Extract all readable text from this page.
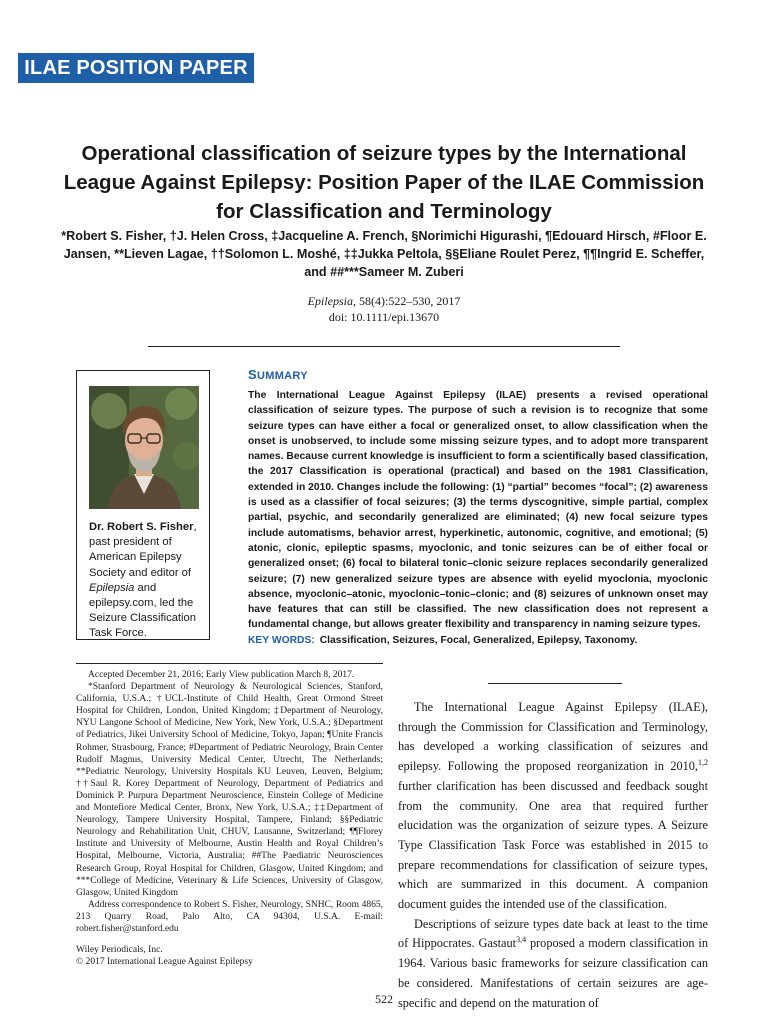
ILAE POSITION PAPER
Operational classification of seizure types by the International League Against Epilepsy: Position Paper of the ILAE Commission for Classification and Terminology
*Robert S. Fisher, †J. Helen Cross, ‡Jacqueline A. French, §Norimichi Higurashi, ¶Edouard Hirsch, #Floor E. Jansen, **Lieven Lagae, ††Solomon L. Moshé, ‡‡Jukka Peltola, §§Eliane Roulet Perez, ¶¶Ingrid E. Scheffer, and ##***Sameer M. Zuberi
Epilepsia, 58(4):522–530, 2017
doi: 10.1111/epi.13670
Dr. Robert S. Fisher, past president of American Epilepsy Society and editor of Epilepsia and epilepsy.com, led the Seizure Classification Task Force.
SUMMARY
The International League Against Epilepsy (ILAE) presents a revised operational classification of seizure types. The purpose of such a revision is to recognize that some seizure types can have either a focal or generalized onset, to allow classification when the onset is unobserved, to include some missing seizure types, and to adopt more transparent names. Because current knowledge is insufficient to form a scientifically based classification, the 2017 Classification is operational (practical) and based on the 1981 Classification, extended in 2010. Changes include the following: (1) “partial” becomes “focal”; (2) awareness is used as a classifier of focal seizures; (3) the terms dyscognitive, simple partial, complex partial, psychic, and secondarily generalized are eliminated; (4) new focal seizure types include automatisms, behavior arrest, hyperkinetic, autonomic, cognitive, and emotional; (5) atonic, clonic, epileptic spasms, myoclonic, and tonic seizures can be of either focal or generalized onset; (6) focal to bilateral tonic–clonic seizure replaces secondarily generalized seizure; (7) new generalized seizure types are absence with eyelid myoclonia, myoclonic absence, myoclonic–atonic, myoclonic–tonic–clonic; and (8) seizures of unknown onset may have features that can still be classified. The new classification does not represent a fundamental change, but allows greater flexibility and transparency in naming seizure types.
KEY WORDS: Classification, Seizures, Focal, Generalized, Epilepsy, Taxonomy.

Accepted December 21, 2016; Early View publication March 8, 2017.

*Stanford Department of Neurology & Neurological Sciences, Stanford, California, U.S.A.; †UCL-Institute of Child Health, Great Ormond Street Hospital for Children, London, United Kingdom; ‡Department of Neurology, NYU Langone School of Medicine, New York, New York, U.S.A.; §Department of Pediatrics, Jikei University School of Medicine, Tokyo, Japan; ¶Unite Francis Rohmer, Strasbourg, France; #Department of Pediatric Neurology, Brain Center Rudolf Magnus, University Medical Center, Utrecht, The Netherlands; **Pediatric Neurology, University Hospitals KU Leuven, Leuven, Belgium; ††Saul R. Korey Department of Neurology, Department of Pediatrics and Dominick P. Purpura Department Neuroscience, Einstein College of Medicine and Montefiore Medical Center, Bronx, New York, U.S.A.; ‡‡Department of Neurology, Tampere University Hospital, Tampere, Finland; §§Pediatric Neurology and Rehabilitation Unit, CHUV, Lausanne, Switzerland; ¶¶Florey Institute and University of Melbourne, Austin Health and Royal Children’s Hospital, Melbourne, Victoria, Australia; ##The Paediatric Neurosciences Research Group, Royal Hospital for Children, Glasgow, United Kingdom; and ***College of Medicine, Veterinary & Life Sciences, University of Glasgow, Glasgow, United Kingdom

Address correspondence to Robert S. Fisher, Neurology, SNHC, Room 4865, 213 Quarry Road, Palo Alto, CA 94304, U.S.A. E-mail: robert.fisher@stanford.edu

Wiley Periodicals, Inc.

© 2017 International League Against Epilepsy

The International League Against Epilepsy (ILAE), through the Commission for Classification and Terminology, has developed a working classification of seizures and epilepsy. Following the proposed reorganization in 2010,$^{1,2}$ further clarification has been discussed and feedback sought from the community. One area that required further elucidation was the organization of seizure types. A Seizure Type Classification Task Force was established in 2015 to prepare recommendations for classification of seizure types, which are summarized in this document. A companion document guides the intended use of the classification.

Descriptions of seizure types date back at least to the time of Hippocrates. Gastaut$^{3,4}$ proposed a modern classification in 1964. Various basic frameworks for seizure classification can be considered. Manifestations of certain seizures are age-specific and depend on the maturation of

522
